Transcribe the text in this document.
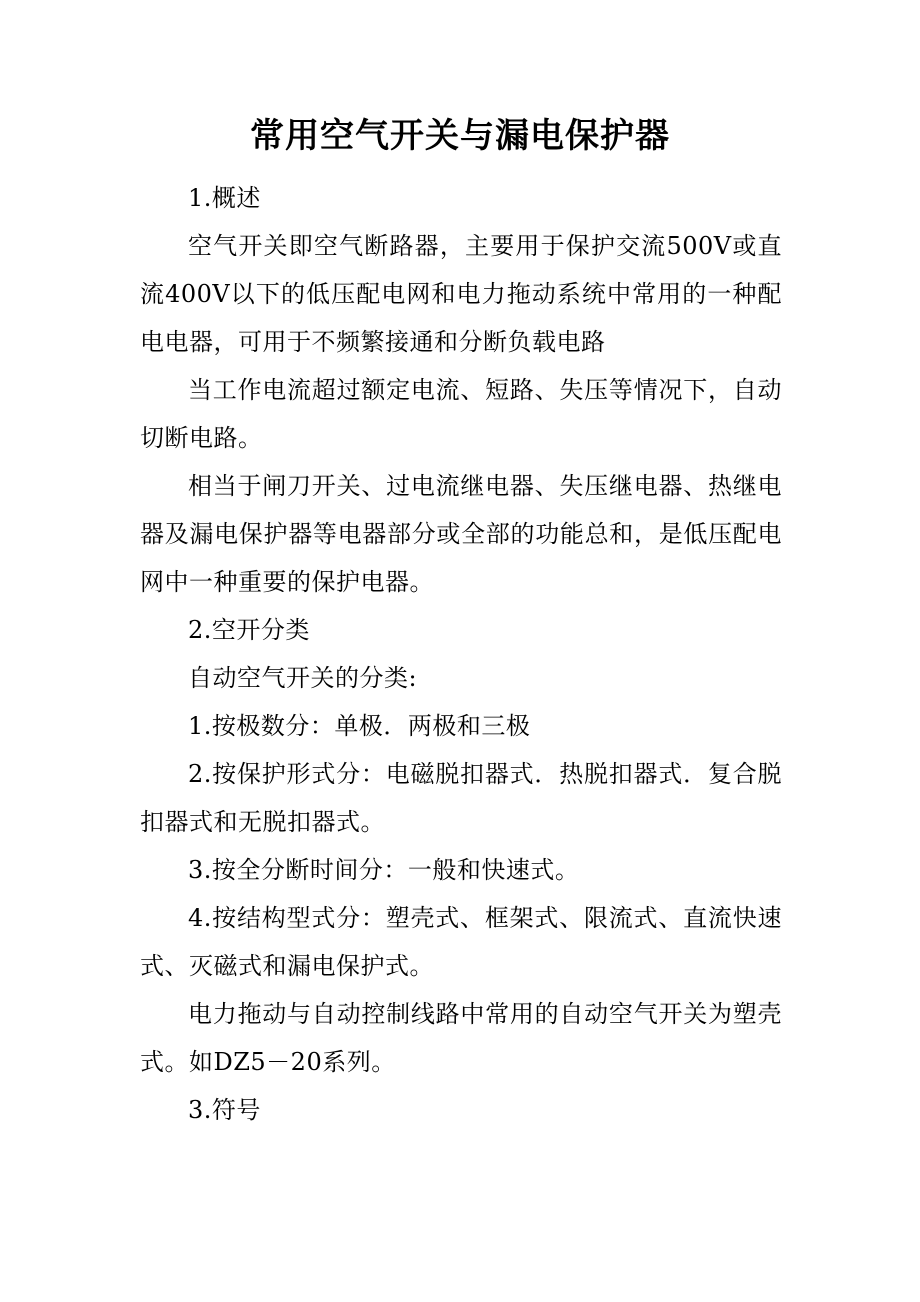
常用空气开关与漏电保护器

1.概述

空气开关即空气断路器，主要用于保护交流500V或直流400V以下的低压配电网和电力拖动系统中常用的一种配电电器，可用于不频繁接通和分断负载电路

当工作电流超过额定电流、短路、失压等情况下，自动切断电路。

相当于闸刀开关、过电流继电器、失压继电器、热继电器及漏电保护器等电器部分或全部的功能总和，是低压配电网中一种重要的保护电器。

2.空开分类

自动空气开关的分类:

1.按极数分：单极．两极和三极

2.按保护形式分：电磁脱扣器式．热脱扣器式．复合脱扣器式和无脱扣器式。

3.按全分断时间分：一般和快速式。

4.按结构型式分：塑壳式、框架式、限流式、直流快速式、灭磁式和漏电保护式。

电力拖动与自动控制线路中常用的自动空气开关为塑壳式。如DZ5－20系列。

3.符号
